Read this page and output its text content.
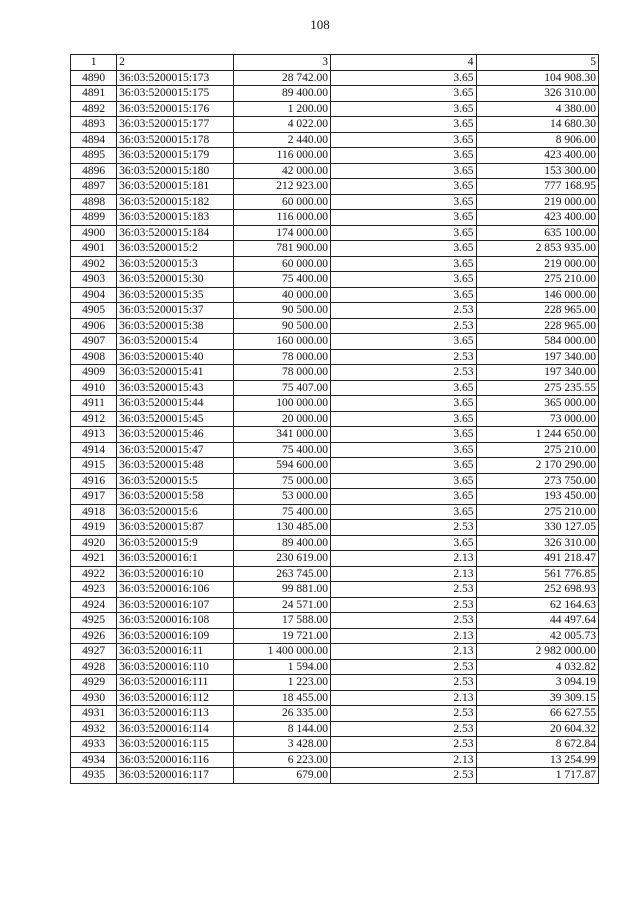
108
1	2	3	4	5
4890	36:03:5200015:173	28 742.00	3.65	104 908.30
4891	36:03:5200015:175	89 400.00	3.65	326 310.00
4892	36:03:5200015:176	1 200.00	3.65	4 380.00
4893	36:03:5200015:177	4 022.00	3.65	14 680.30
4894	36:03:5200015:178	2 440.00	3.65	8 906.00
4895	36:03:5200015:179	116 000.00	3.65	423 400.00
4896	36:03:5200015:180	42 000.00	3.65	153 300.00
4897	36:03:5200015:181	212 923.00	3.65	777 168.95
4898	36:03:5200015:182	60 000.00	3.65	219 000.00
4899	36:03:5200015:183	116 000.00	3.65	423 400.00
4900	36:03:5200015:184	174 000.00	3.65	635 100.00
4901	36:03:5200015:2	781 900.00	3.65	2 853 935.00
4902	36:03:5200015:3	60 000.00	3.65	219 000.00
4903	36:03:5200015:30	75 400.00	3.65	275 210.00
4904	36:03:5200015:35	40 000.00	3.65	146 000.00
4905	36:03:5200015:37	90 500.00	2.53	228 965.00
4906	36:03:5200015:38	90 500.00	2.53	228 965.00
4907	36:03:5200015:4	160 000.00	3.65	584 000.00
4908	36:03:5200015:40	78 000.00	2.53	197 340.00
4909	36:03:5200015:41	78 000.00	2.53	197 340.00
4910	36:03:5200015:43	75 407.00	3.65	275 235.55
4911	36:03:5200015:44	100 000.00	3.65	365 000.00
4912	36:03:5200015:45	20 000.00	3.65	73 000.00
4913	36:03:5200015:46	341 000.00	3.65	1 244 650.00
4914	36:03:5200015:47	75 400.00	3.65	275 210.00
4915	36:03:5200015:48	594 600.00	3.65	2 170 290.00
4916	36:03:5200015:5	75 000.00	3.65	273 750.00
4917	36:03:5200015:58	53 000.00	3.65	193 450.00
4918	36:03:5200015:6	75 400.00	3.65	275 210.00
4919	36:03:5200015:87	130 485.00	2.53	330 127.05
4920	36:03:5200015:9	89 400.00	3.65	326 310.00
4921	36:03:5200016:1	230 619.00	2.13	491 218.47
4922	36:03:5200016:10	263 745.00	2.13	561 776.85
4923	36:03:5200016:106	99 881.00	2.53	252 698.93
4924	36:03:5200016:107	24 571.00	2.53	62 164.63
4925	36:03:5200016:108	17 588.00	2.53	44 497.64
4926	36:03:5200016:109	19 721.00	2.13	42 005.73
4927	36:03:5200016:11	1 400 000.00	2.13	2 982 000.00
4928	36:03:5200016:110	1 594.00	2.53	4 032.82
4929	36:03:5200016:111	1 223.00	2.53	3 094.19
4930	36:03:5200016:112	18 455.00	2.13	39 309.15
4931	36:03:5200016:113	26 335.00	2.53	66 627.55
4932	36:03:5200016:114	8 144.00	2.53	20 604.32
4933	36:03:5200016:115	3 428.00	2.53	8 672.84
4934	36:03:5200016:116	6 223.00	2.13	13 254.99
4935	36:03:5200016:117	679.00	2.53	1 717.87
